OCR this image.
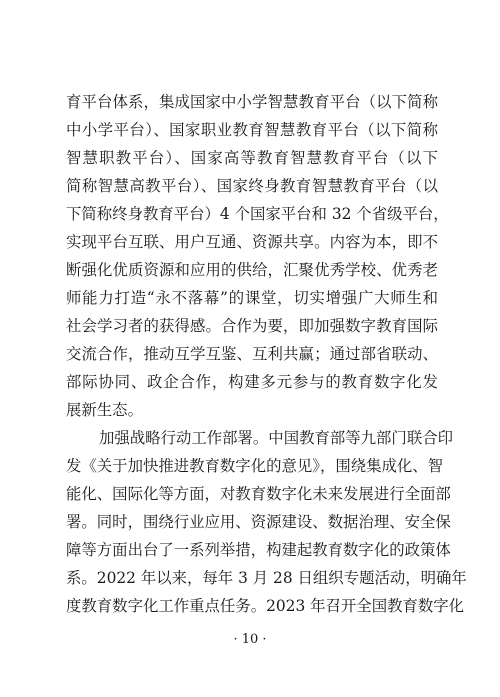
育平台体系，集成国家中小学智慧教育平台（以下简称
中小学平台）、国家职业教育智慧教育平台（以下简称
智慧职教平台）、国家高等教育智慧教育平台（以下
简称智慧高教平台）、国家终身教育智慧教育平台（以
下简称终身教育平台）4 个国家平台和 32 个省级平台，
实现平台互联、用户互通、资源共享。内容为本，即不
断强化优质资源和应用的供给，汇聚优秀学校、优秀老
师能力打造“永不落幕”的课堂，切实增强广大师生和
社会学习者的获得感。合作为要，即加强数字教育国际
交流合作，推动互学互鉴、互利共赢；通过部省联动、
部际协同、政企合作，构建多元参与的教育数字化发
展新生态。
加强战略行动工作部署。中国教育部等九部门联合印
发《关于加快推进教育数字化的意见》，围绕集成化、智
能化、国际化等方面，对教育数字化未来发展进行全面部
署。同时，围绕行业应用、资源建设、数据治理、安全保
障等方面出台了一系列举措，构建起教育数字化的政策体
系。2022 年以来，每年 3 月 28 日组织专题活动，明确年
度教育数字化工作重点任务。2023 年召开全国教育数字化
· 10 ·
